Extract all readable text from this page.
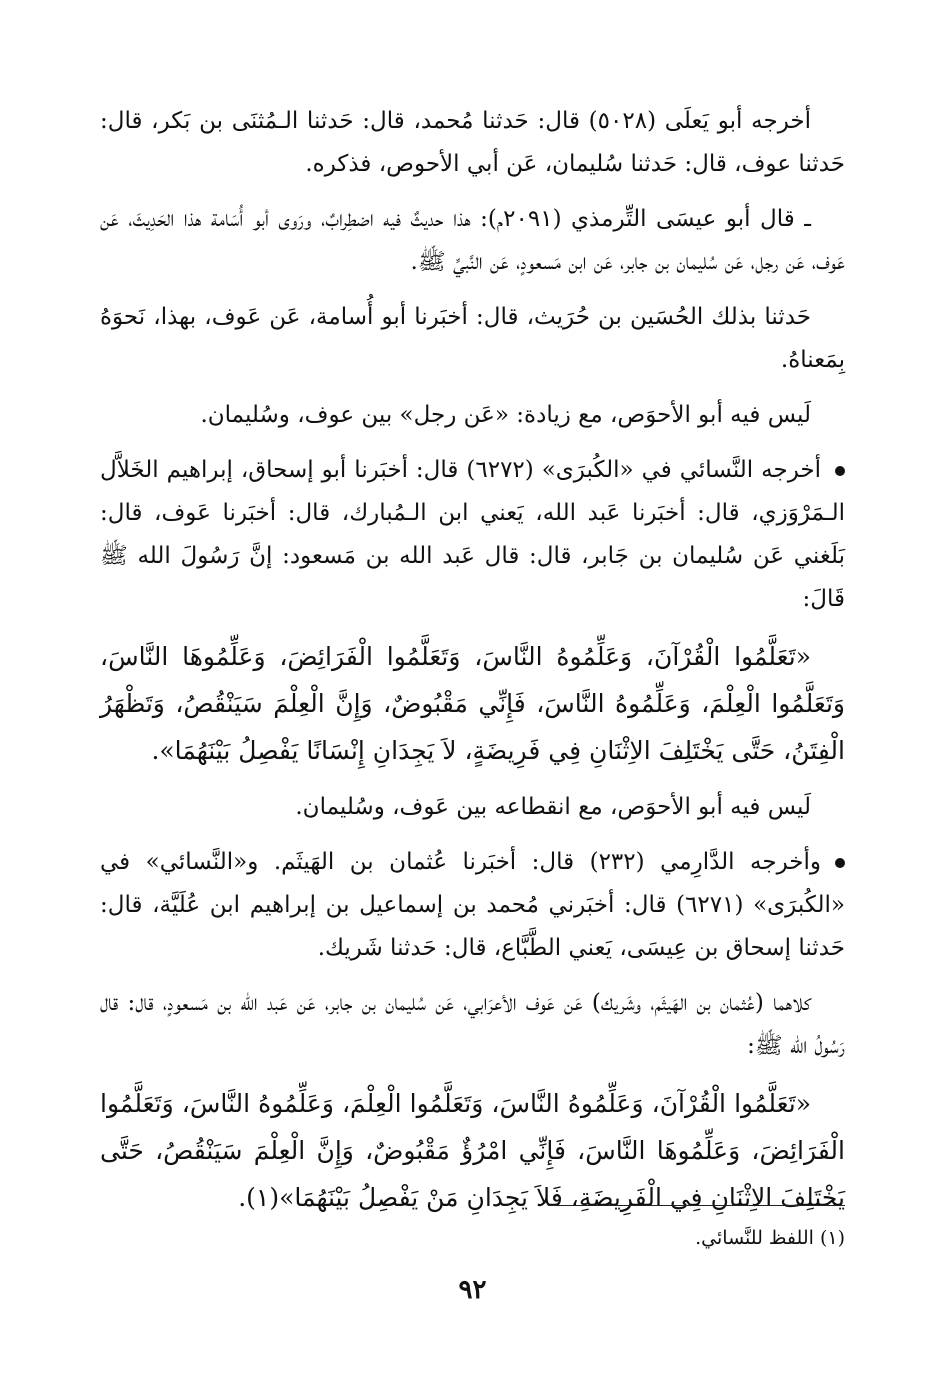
أخرجه أبو يَعلَى (٥٠٢٨) قال: حَدثنا مُحمد، قال: حَدثنا الـمُثنَى بن بَكر، قال: حَدثنا عوف، قال: حَدثنا سُليمان، عَن أبي الأحوص، فذكره.

ـ قال أبو عيسَى التِّرمذي (٢٠٩١م): هذا حديثٌ فيه اضطِرابٌ، ورَوى أبو أُسَامة هذا الحَدِيثَ، عَن عَوف، عَن رجل، عَن سُليمان بن جابر، عَن ابن مَسعودٍ، عَن النَّبيِّ ﷺ.

حَدثنا بذلك الحُسَين بن حُرَيث، قال: أخبَرنا أبو أُسامة، عَن عَوف، بهذا، نَحوَهُ بِمَعناهُ.

لَيس فيه أبو الأحوَص، مع زيادة: «عَن رجل» بين عوف، وسُليمان.

أخرجه النَّسائي في «الكُبرَى» (٦٢٧٢) قال: أخبَرنا أبو إسحاق، إبراهيم الخَلاَّل الـمَرْوَزي، قال: أخبَرنا عَبد الله، يَعني ابن الـمُبارك، قال: أخبَرنا عَوف، قال: بَلَغني عَن سُليمان بن جَابر، قال: قال عَبد الله بن مَسعود: إنَّ رَسُولَ الله ﷺ قَالَ:

«تَعَلَّمُوا الْقُرْآنَ، وَعَلِّمُوهُ النَّاسَ، وَتَعَلَّمُوا الْفَرَائِضَ، وَعَلِّمُوهَا النَّاسَ، وَتَعَلَّمُوا الْعِلْمَ، وَعَلِّمُوهُ النَّاسَ، فَإِنِّي مَقْبُوضٌ، وَإِنَّ الْعِلْمَ سَيَنْقُصُ، وَتَظْهَرُ الْفِتَنُ، حَتَّى يَخْتَلِفَ الاِثْنَانِ فِي فَرِيضَةٍ، لاَ يَجِدَانِ إِنْسَانًا يَفْصِلُ بَيْنَهُمَا».

لَيس فيه أبو الأحوَص، مع انقطاعه بين عَوف، وسُليمان.

وأخرجه الدَّارِمي (٢٣٢) قال: أخبَرنا عُثمان بن الهَيثَم. و«النَّسائي» في «الكُبرَى» (٦٢٧١) قال: أخبَرني مُحمد بن إسماعيل بن إبراهيم ابن عُلَيَّة، قال: حَدثنا إسحاق بن عِيسَى، يَعني الطَّبَّاع، قال: حَدثنا شَريك.

كلاهما (عُثمان بن الهَيثَم، وشَريك) عَن عَوف الأعرَابي، عَن سُليمان بن جابر، عَن عَبد الله بن مَسعودٍ، قال: قال رَسُولُ الله ﷺ:

«تَعَلَّمُوا الْقُرْآنَ، وَعَلِّمُوهُ النَّاسَ، وَتَعَلَّمُوا الْعِلْمَ، وَعَلِّمُوهُ النَّاسَ، وَتَعَلَّمُوا الْفَرَائِضَ، وَعَلِّمُوهَا النَّاسَ، فَإِنِّي امْرُؤٌ مَقْبُوضٌ، وَإِنَّ الْعِلْمَ سَيَنْقُصُ، حَتَّى يَخْتَلِفَ الاِثْنَانِ فِي الْفَرِيضَةِ، فَلاَ يَجِدَانِ مَنْ يَفْصِلُ بَيْنَهُمَا»(١).

(١) اللفظ للنَّسائي.
٩٢
